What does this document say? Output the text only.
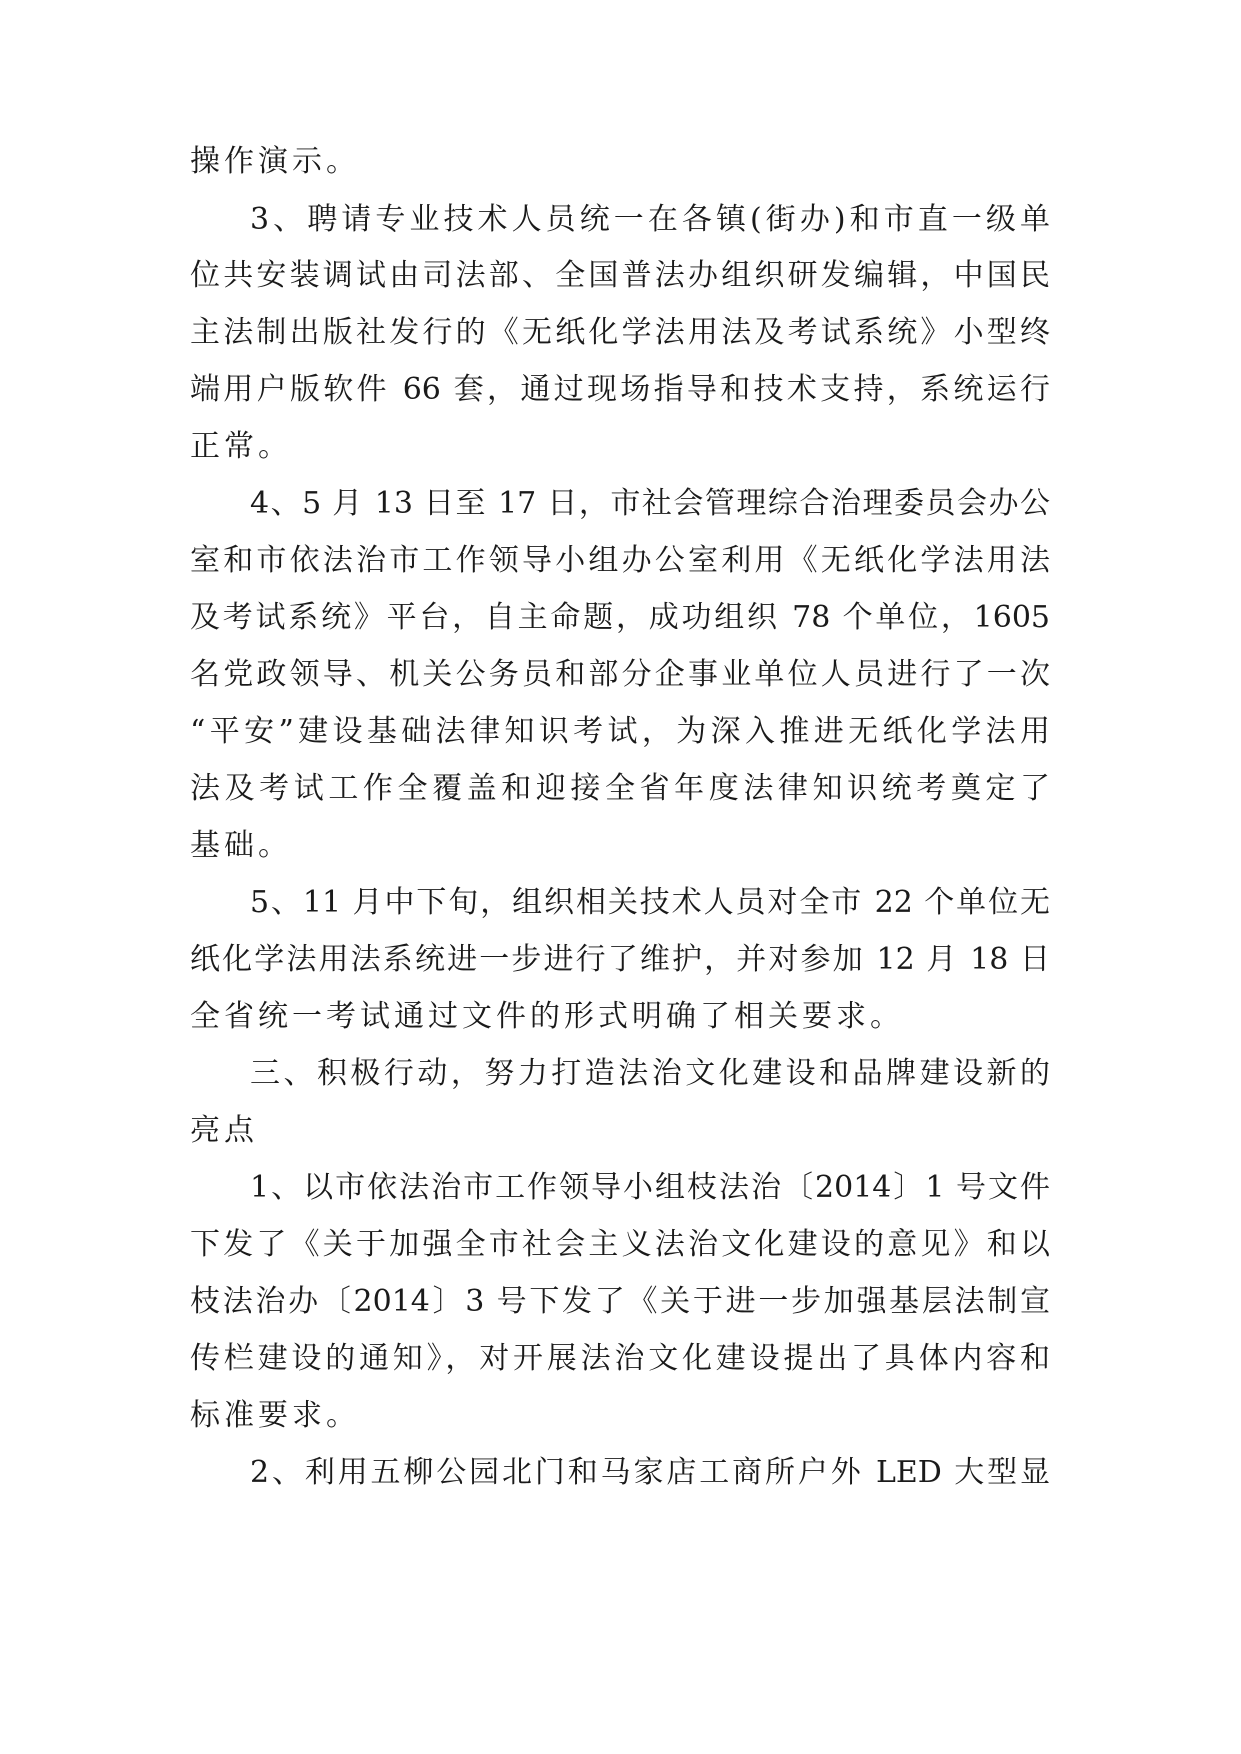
操作演示。
3、聘请专业技术人员统一在各镇(街办)和市直一级单
位共安装调试由司法部、全国普法办组织研发编辑，中国民
主法制出版社发行的《无纸化学法用法及考试系统》小型终
端用户版软件 66 套，通过现场指导和技术支持，系统运行
正常。
4、5 月 13 日至 17 日，市社会管理综合治理委员会办公
室和市依法治市工作领导小组办公室利用《无纸化学法用法
及考试系统》平台，自主命题，成功组织 78 个单位，1605
名党政领导、机关公务员和部分企事业单位人员进行了一次
“平安”建设基础法律知识考试，为深入推进无纸化学法用
法及考试工作全覆盖和迎接全省年度法律知识统考奠定了
基础。
5、11 月中下旬，组织相关技术人员对全市 22 个单位无
纸化学法用法系统进一步进行了维护，并对参加 12 月 18 日
全省统一考试通过文件的形式明确了相关要求。
三、积极行动，努力打造法治文化建设和品牌建设新的
亮点
1、以市依法治市工作领导小组枝法治〔2014〕1 号文件
下发了《关于加强全市社会主义法治文化建设的意见》和以
枝法治办〔2014〕3 号下发了《关于进一步加强基层法制宣
传栏建设的通知》，对开展法治文化建设提出了具体内容和
标准要求。
2、利用五柳公园北门和马家店工商所户外 LED 大型显
